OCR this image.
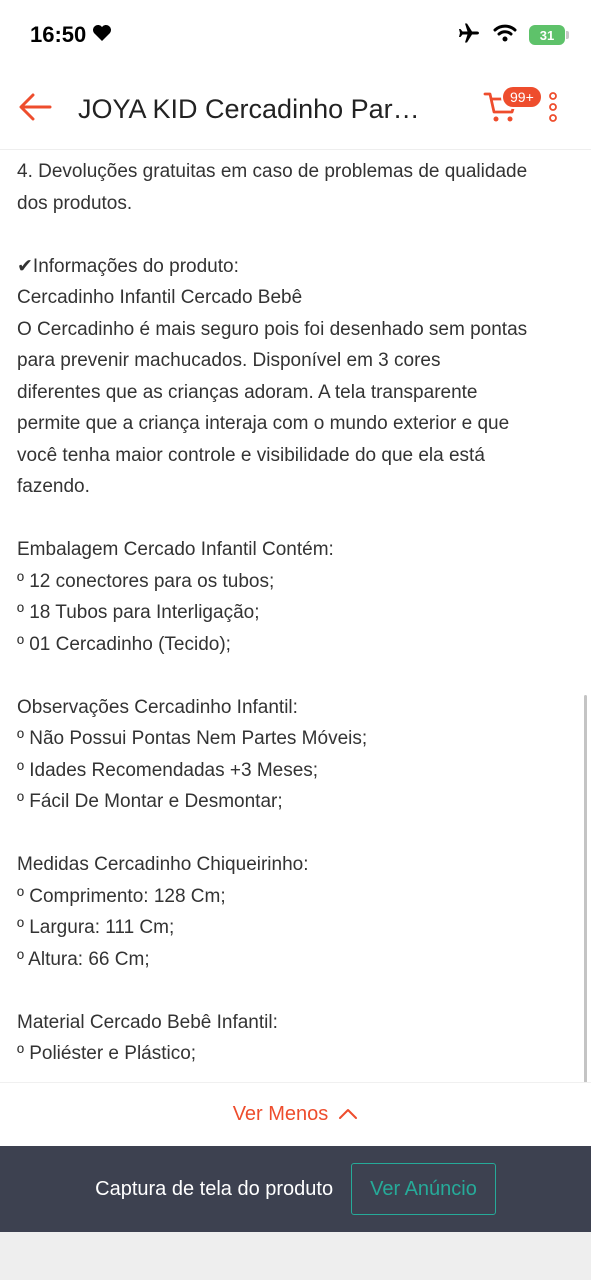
16:50	31
JOYA KID Cercadinho Par…	99+
4. Devoluções gratuitas em caso de problemas de qualidade
dos produtos.
✔Informações do produto:
Cercadinho Infantil Cercado Bebê
O Cercadinho é mais seguro pois foi desenhado sem pontas
para prevenir machucados. Disponível em 3 cores
diferentes que as crianças adoram. A tela transparente
permite que a criança interaja com o mundo exterior e que
você tenha maior controle e visibilidade do que ela está
fazendo.
Embalagem Cercado Infantil Contém:
º 12 conectores para os tubos;
º 18 Tubos para Interligação;
º 01 Cercadinho (Tecido);
Observações Cercadinho Infantil:
º Não Possui Pontas Nem Partes Móveis;
º Idades Recomendadas +3 Meses;
º Fácil De Montar e Desmontar;
Medidas Cercadinho Chiqueirinho:
º Comprimento: 128 Cm;
º Largura: 111 Cm;
º Altura: 66 Cm;
Material Cercado Bebê Infantil:
º Poliéster e Plástico;
Ver Menos
Captura de tela do produto	Ver Anúncio
